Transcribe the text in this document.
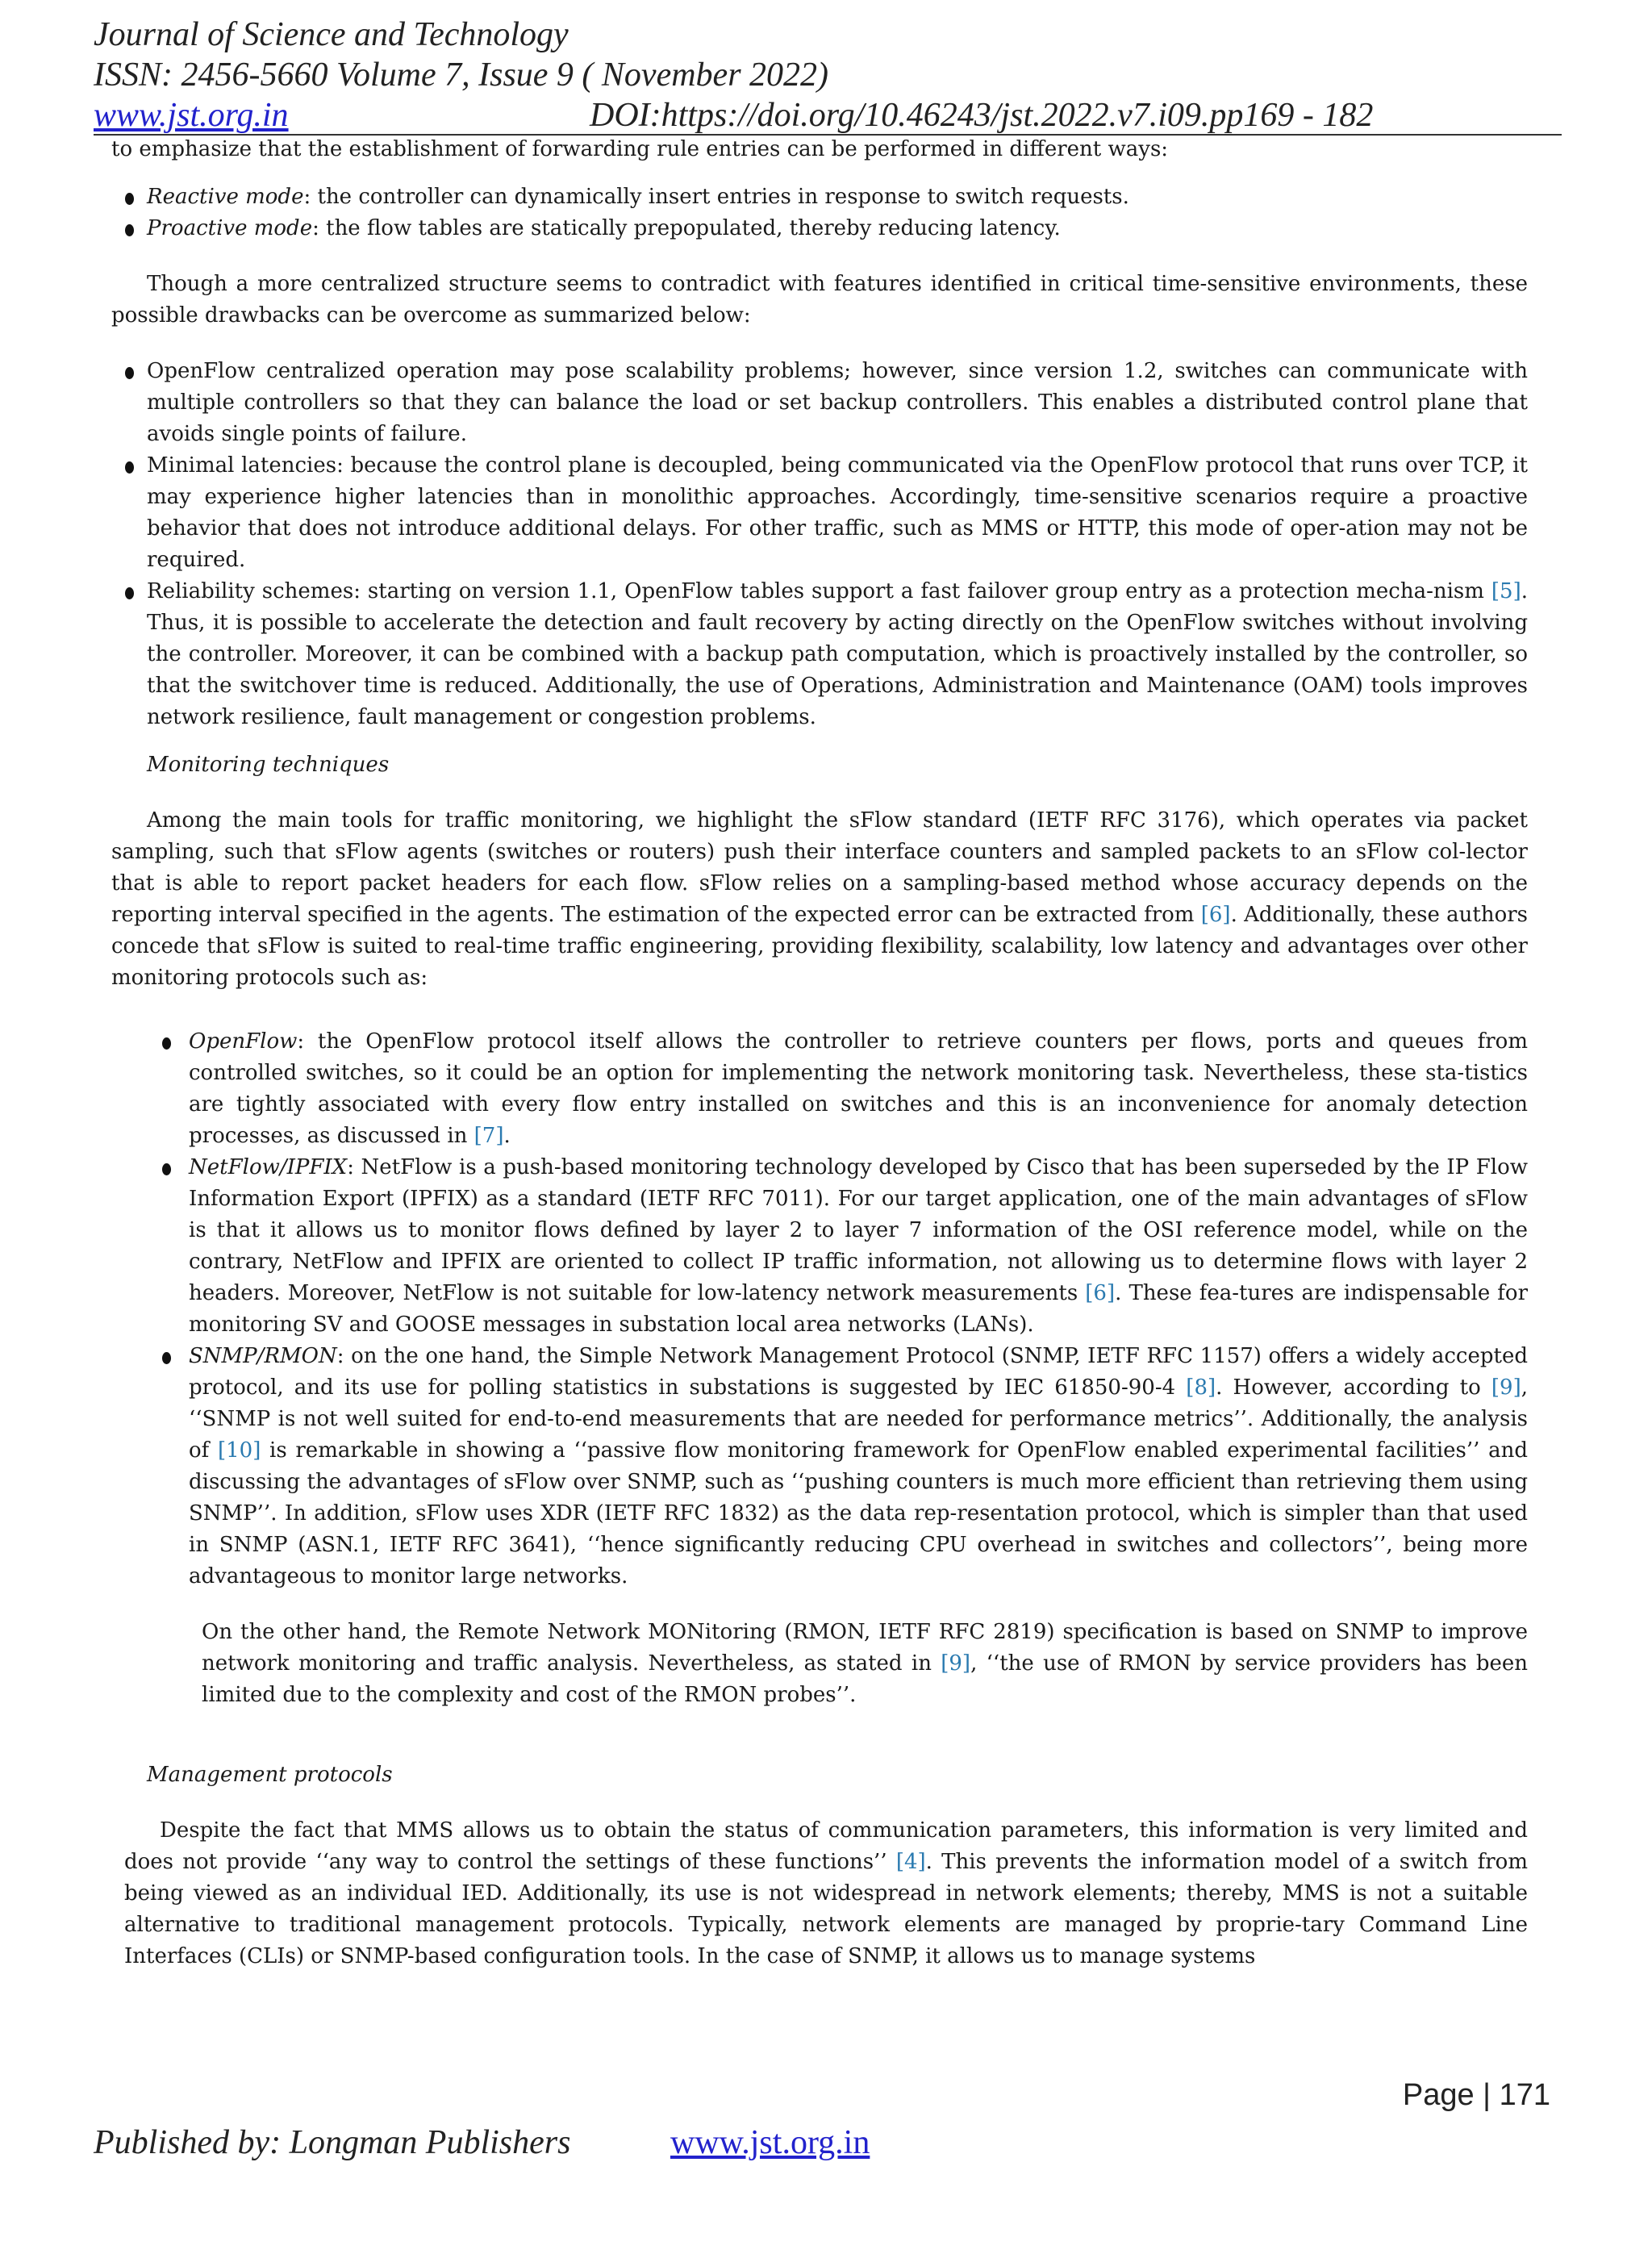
Journal of Science and Technology
ISSN: 2456-5660 Volume 7, Issue 9 ( November 2022)
www.jst.org.in	DOI:https://doi.org/10.46243/jst.2022.v7.i09.pp169 - 182

to emphasize that the establishment of forwarding rule entries can be performed in different ways:

Reactive mode: the controller can dynamically insert entries in response to switch requests.
Proactive mode: the flow tables are statically prepopulated, thereby reducing latency.

Though a more centralized structure seems to contradict with features identified in critical time-sensitive environments, these possible drawbacks can be overcome as summarized below:

OpenFlow centralized operation may pose scalability problems; however, since version 1.2, switches can communicate with multiple controllers so that they can balance the load or set backup controllers. This enables a distributed control plane that avoids single points of failure.
Minimal latencies: because the control plane is decoupled, being communicated via the OpenFlow protocol that runs over TCP, it may experience higher latencies than in monolithic approaches. Accordingly, time-sensitive scenarios require a proactive behavior that does not introduce additional delays. For other traffic, such as MMS or HTTP, this mode of oper-ation may not be required.
Reliability schemes: starting on version 1.1, OpenFlow tables support a fast failover group entry as a protection mecha-nism [5]. Thus, it is possible to accelerate the detection and fault recovery by acting directly on the OpenFlow switches without involving the controller. Moreover, it can be combined with a backup path computation, which is proactively installed by the controller, so that the switchover time is reduced. Additionally, the use of Operations, Administration and Maintenance (OAM) tools improves network resilience, fault management or congestion problems.
Monitoring techniques

Among the main tools for traffic monitoring, we highlight the sFlow standard (IETF RFC 3176), which operates via packet sampling, such that sFlow agents (switches or routers) push their interface counters and sampled packets to an sFlow col-lector that is able to report packet headers for each flow. sFlow relies on a sampling-based method whose accuracy depends on the reporting interval specified in the agents. The estimation of the expected error can be extracted from [6]. Additionally, these authors concede that sFlow is suited to real-time traffic engineering, providing flexibility, scalability, low latency and advantages over other monitoring protocols such as:

OpenFlow: the OpenFlow protocol itself allows the controller to retrieve counters per flows, ports and queues from controlled switches, so it could be an option for implementing the network monitoring task. Nevertheless, these sta-tistics are tightly associated with every flow entry installed on switches and this is an inconvenience for anomaly detection processes, as discussed in [7].
NetFlow/IPFIX: NetFlow is a push-based monitoring technology developed by Cisco that has been superseded by the IP Flow Information Export (IPFIX) as a standard (IETF RFC 7011). For our target application, one of the main advantages of sFlow is that it allows us to monitor flows defined by layer 2 to layer 7 information of the OSI reference model, while on the contrary, NetFlow and IPFIX are oriented to collect IP traffic information, not allowing us to determine flows with layer 2 headers. Moreover, NetFlow is not suitable for low-latency network measurements [6]. These fea-tures are indispensable for monitoring SV and GOOSE messages in substation local area networks (LANs).
SNMP/RMON: on the one hand, the Simple Network Management Protocol (SNMP, IETF RFC 1157) offers a widely accepted protocol, and its use for polling statistics in substations is suggested by IEC 61850-90-4 [8]. However, according to [9], ‘‘SNMP is not well suited for end-to-end measurements that are needed for performance metrics’’. Additionally, the analysis of [10] is remarkable in showing a ‘‘passive flow monitoring framework for OpenFlow enabled experimental facilities’’ and discussing the advantages of sFlow over SNMP, such as ‘‘pushing counters is much more efficient than retrieving them using SNMP’’. In addition, sFlow uses XDR (IETF RFC 1832) as the data rep-resentation protocol, which is simpler than that used in SNMP (ASN.1, IETF RFC 3641), ‘‘hence significantly reducing CPU overhead in switches and collectors’’, being more advantageous to monitor large networks.

On the other hand, the Remote Network MONitoring (RMON, IETF RFC 2819) specification is based on SNMP to improve network monitoring and traffic analysis. Nevertheless, as stated in [9], ‘‘the use of RMON by service providers has been limited due to the complexity and cost of the RMON probes’’.

Management protocols

Despite the fact that MMS allows us to obtain the status of communication parameters, this information is very limited and does not provide ‘‘any way to control the settings of these functions’’ [4]. This prevents the information model of a switch from being viewed as an individual IED. Additionally, its use is not widespread in network elements; thereby, MMS is not a suitable alternative to traditional management protocols. Typically, network elements are managed by proprie-tary Command Line Interfaces (CLIs) or SNMP-based configuration tools. In the case of SNMP, it allows us to manage systems

Page | 171
Published by: Longman Publishers	www.jst.org.in
